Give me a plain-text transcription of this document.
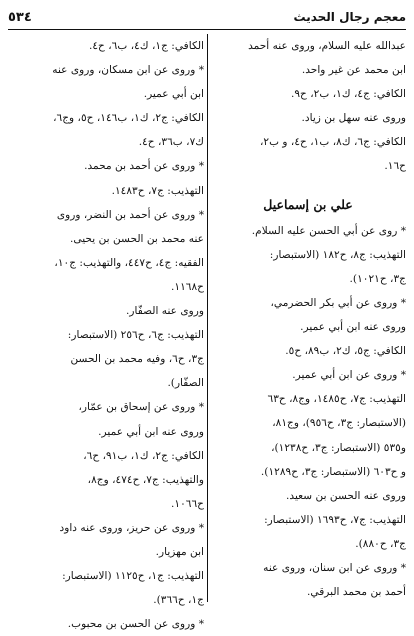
٥٣٤	معجم رجال الحديث

عبدالله عليه السلام، وروى عنه أحمد

ابن محمد عن غير واحد.

الكافي: ج٤، ك١، ب٢، ح٩.

وروى عنه سهل بن زياد.

الكافي: ج٦، ك٨، ب١، ح٤، و ب٢،

ح١٦.

علي بن إسماعيل

* روى عن أبي الحسن عليه السلام.

التهذيب: ج٨، ح١٨٢ (الاستبصار:

ج٣، ح١٠٢١).

* وروى عن أبي بكر الحضرمي،

وروى عنه ابن أبي عمير.

الكافي: ج٥، ك٢، ب٨٩، ح٥.

* وروى عن ابن أبي عمير.

التهذيب: ج٧، ح١٤٨٥، وج٨، ح٦٣

(الاستبصار: ج٣، ح٩٥٦)، وج٨١،

و٥٣٥ (الاستبصار: ج٣، ح١٢٣٨)،

و ح٦٠٣ (الاستبصار: ج٣، ح١٢٨٩).

وروى عنه الحسن بن سعيد.

التهذيب: ج٧، ح١٦٩٣ (الاستبصار:

ج٣، ح٨٨٠).

* وروى عن ابن سنان، وروى عنه

أحمد بن محمد البرقي.

الكافي: ج١، ك٤، ب٦، ح٤.

* وروى عن ابن مسكان، وروى عنه

ابن أبي عمير.

الكافي: ج٢، ك١، ب١٤٦، ح٥، وج٦،

ك٧، ب٣٦، ح٤.

* وروى عن أحمد بن محمد.

التهذيب: ج٧، ح١٤٨٣.

* وروى عن أحمد بن النضر، وروى

عنه محمد بن الحسن بن يحيى.

الفقيه: ج٤، ح٤٤٧، والتهذيب: ج١٠،

ح١١٦٨.

وروى عنه الصفّار.

التهذيب: ج٦، ح٢٥٦ (الاستبصار:

ج٣، ح٦، وفيه محمد بن الحسن

الصفّار).

* وروى عن إسحاق بن عمّار،

وروى عنه ابن أبي عمير.

الكافي: ج٢، ك١، ب٩١، ح٦،

والتهذيب: ج٧، ح٤٧٤، وج٨،

ح١٠٦٦.

* وروى عن حريز، وروى عنه داود

ابن مهزيار.

التهذيب: ج١، ح١١٢٥ (الاستبصار:

ج١، ح٣٦٦).

* وروى عن الحسن بن محبوب.
